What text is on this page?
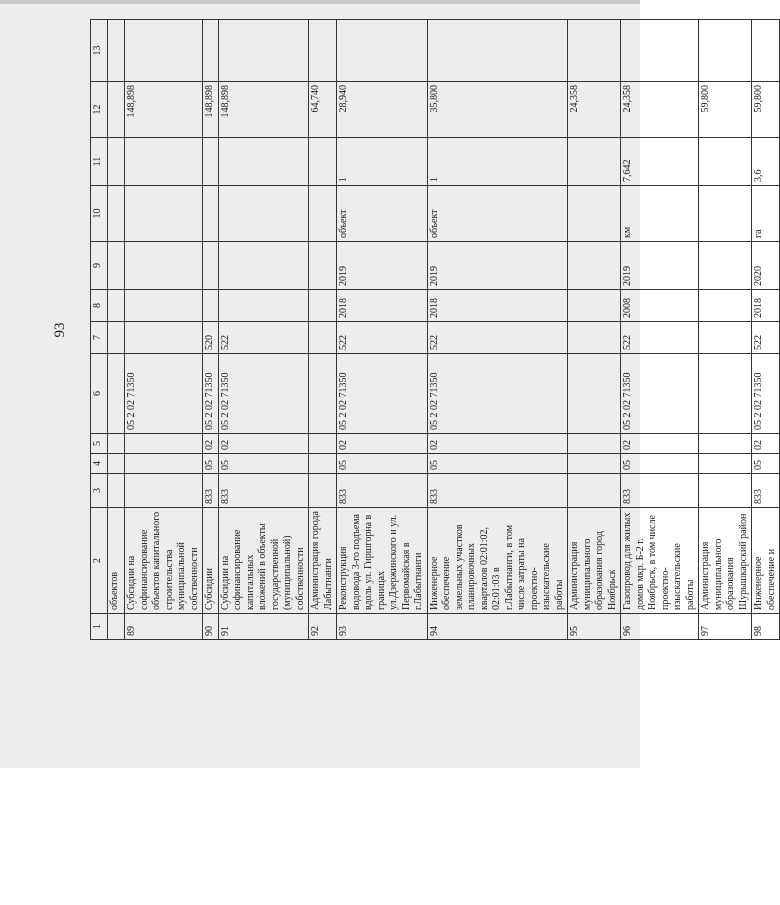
93
1	2	3	4	5	6	7	8	9	10	11	12	13
	объектов											
89	Субсидии на софинансирование объектов капитального строительства муниципальной собственности				05 2 02 71350						148,898	
90	Субсидии	833	05	02	05 2 02 71350	520					148,898	
91	Субсидии на софинансирование капитальных вложений в объекты государственной (муниципальной) собственности	833	05	02	05 2 02 71350	522					148,898	
92	Администрация города Лабытнанги										64,740	
93	Реконструкция водовода 3-го подъема вдоль ул. Гиршгорна в границах ул.Дзержинского и ул. Первомайская в г.Лабытнанги	833	05	02	05 2 02 71350	522	2018	2019	объект	1	28,940	
94	Инженерное обеспечение земельных участков планировочных кварталов 02:01:02, 02:01:03 в г.Лабытнанги, в том числе затраты на проектно-изыскательские работы	833	05	02	05 2 02 71350	522	2018	2019	объект	1	35,800	
95	Администрация муниципального образования город Ноябрьск										24,358	
96	Газопровод для жилых домов мкр. Б-2 г. Ноябрьск, в том числе проектно-изыскательские работы	833	05	02	05 2 02 71350	522	2008	2019	км	7,642	24,358	
97	Администрация муниципального образования Шурышкарский район										59,800	
98	Инженерное обеспечение и	833	05	02	05 2 02 71350	522	2018	2020	га	3,6	59,800	
